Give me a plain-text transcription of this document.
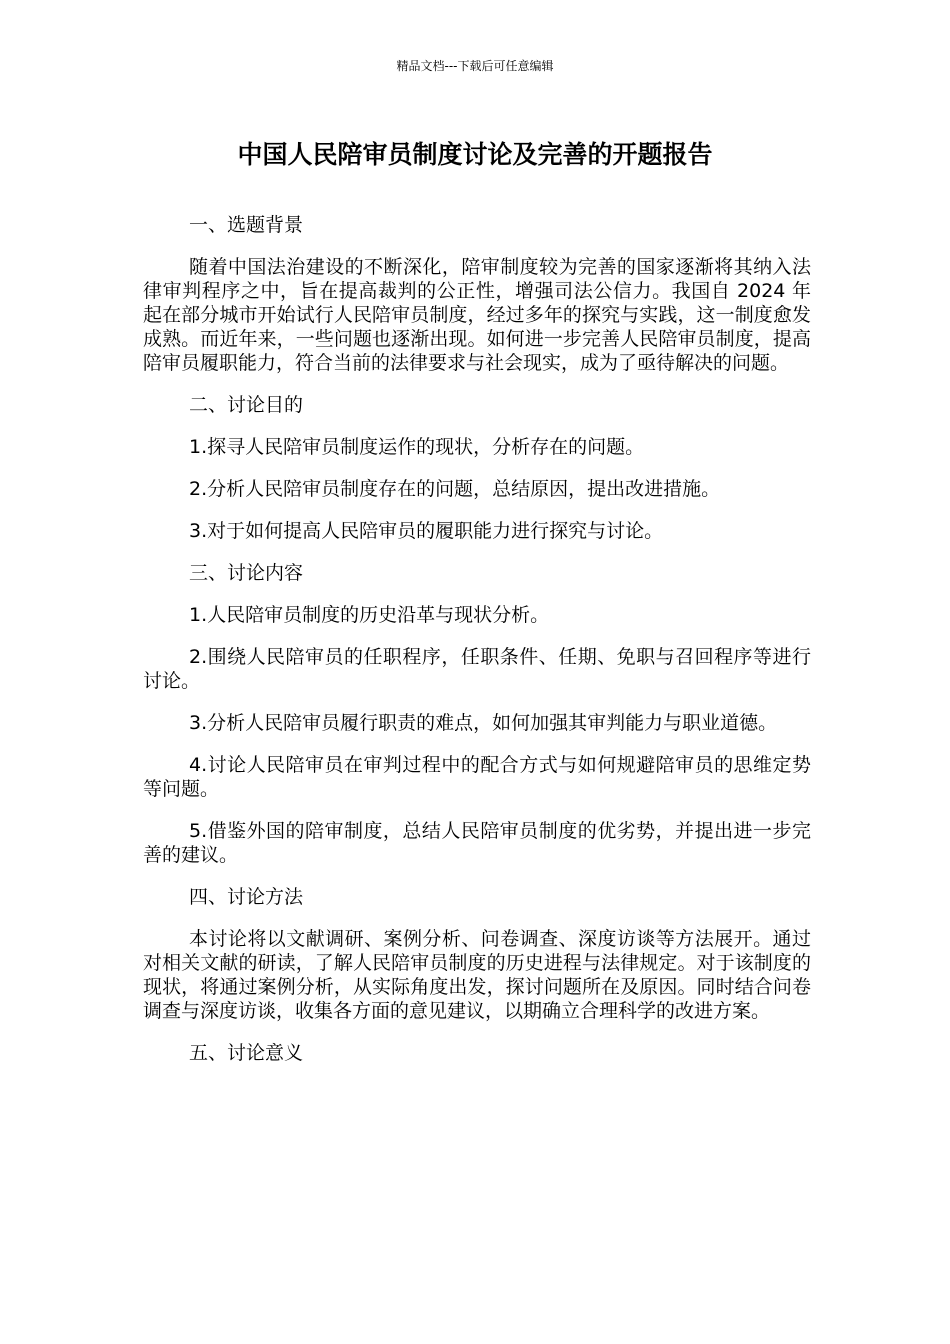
精品文档---下载后可任意编辑
中国人民陪审员制度讨论及完善的开题报告

一、选题背景

随着中国法治建设的不断深化，陪审制度较为完善的国家逐渐将其纳入法律审判程序之中，旨在提高裁判的公正性，增强司法公信力。我国自 2024 年起在部分城市开始试行人民陪审员制度，经过多年的探究与实践，这一制度愈发成熟。而近年来，一些问题也逐渐出现。如何进一步完善人民陪审员制度，提高陪审员履职能力，符合当前的法律要求与社会现实，成为了亟待解决的问题。

二、讨论目的

1.探寻人民陪审员制度运作的现状，分析存在的问题。

2.分析人民陪审员制度存在的问题，总结原因，提出改进措施。

3.对于如何提高人民陪审员的履职能力进行探究与讨论。

三、讨论内容

1.人民陪审员制度的历史沿革与现状分析。

2.围绕人民陪审员的任职程序，任职条件、任期、免职与召回程序等进行讨论。

3.分析人民陪审员履行职责的难点，如何加强其审判能力与职业道德。

4.讨论人民陪审员在审判过程中的配合方式与如何规避陪审员的思维定势等问题。

5.借鉴外国的陪审制度，总结人民陪审员制度的优劣势，并提出进一步完善的建议。

四、讨论方法

本讨论将以文献调研、案例分析、问卷调查、深度访谈等方法展开。通过对相关文献的研读，了解人民陪审员制度的历史进程与法律规定。对于该制度的现状，将通过案例分析，从实际角度出发，探讨问题所在及原因。同时结合问卷调查与深度访谈，收集各方面的意见建议，以期确立合理科学的改进方案。

五、讨论意义
